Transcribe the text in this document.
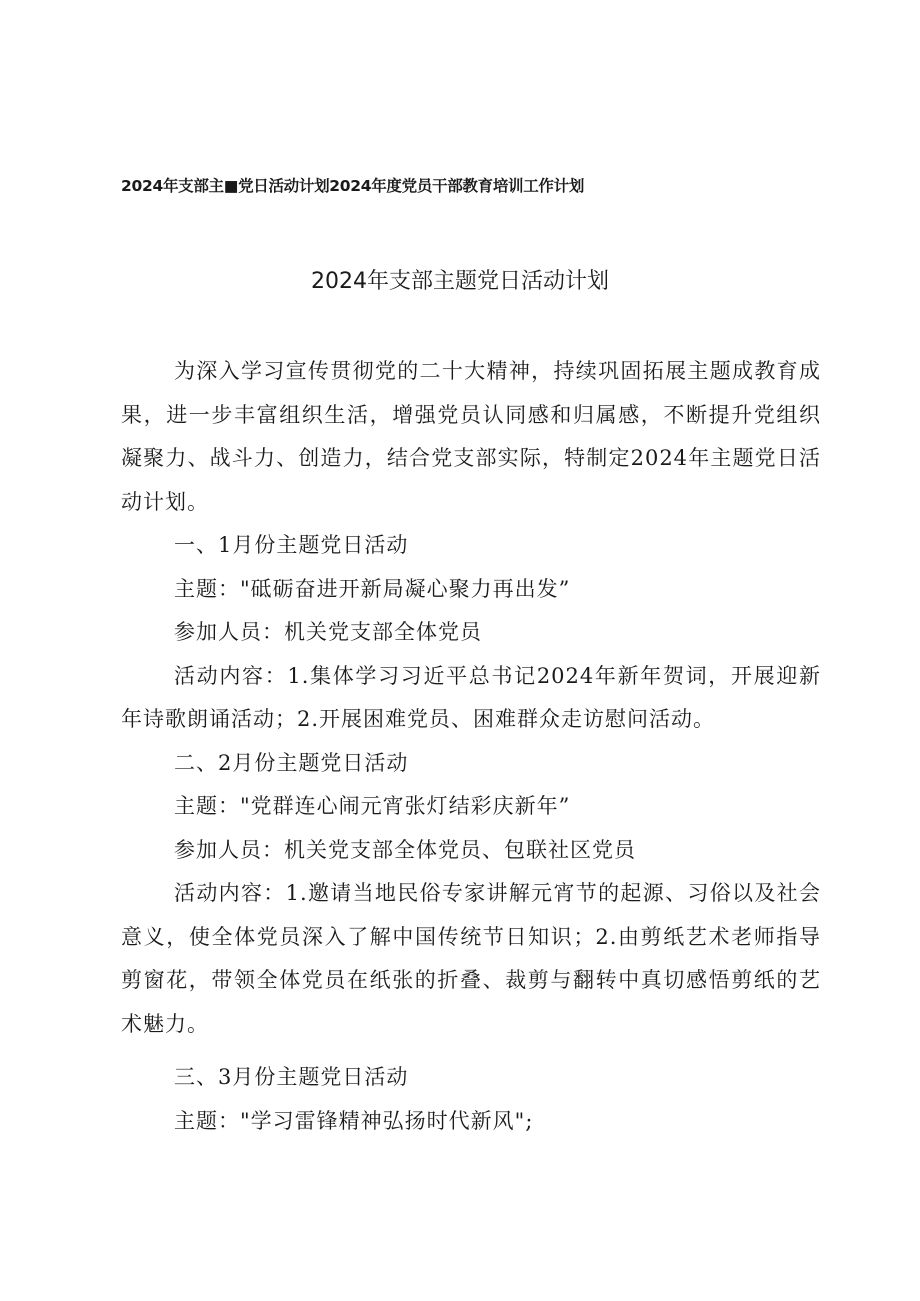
2024年支部主■党日活动计划2024年度党员干部教育培训工作计划
2024年支部主题党日活动计划

为深入学习宣传贯彻党的二十大精神，持续巩固拓展主题成教育成果，进一步丰富组织生活，增强党员认同感和归属感，不断提升党组织凝聚力、战斗力、创造力，结合党支部实际，特制定2024年主题党日活动计划。

一、1月份主题党日活动

主题："砥砺奋进开新局凝心聚力再出发”

参加人员：机关党支部全体党员

活动内容：1.集体学习习近平总书记2024年新年贺词，开展迎新年诗歌朗诵活动；2.开展困难党员、困难群众走访慰问活动。

二、2月份主题党日活动

主题："党群连心闹元宵张灯结彩庆新年”

参加人员：机关党支部全体党员、包联社区党员

活动内容：1.邀请当地民俗专家讲解元宵节的起源、习俗以及社会意义，使全体党员深入了解中国传统节日知识；2.由剪纸艺术老师指导剪窗花，带领全体党员在纸张的折叠、裁剪与翻转中真切感悟剪纸的艺术魅力。

三、3月份主题党日活动

主题："学习雷锋精神弘扬时代新风";
